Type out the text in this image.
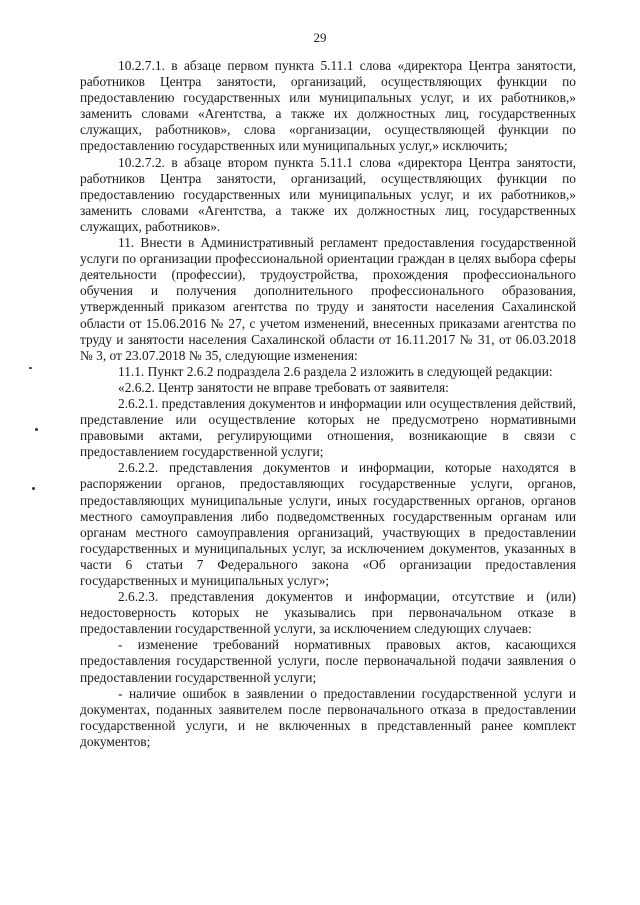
29

10.2.7.1. в абзаце первом пункта 5.11.1 слова «директора Центра занятости, работников Центра занятости, организаций, осуществляющих функции по предоставлению государственных или муниципальных услуг, и их работников,» заменить словами «Агентства, а также их должностных лиц, государственных служащих, работников», слова «организации, осуществляющей функции по предоставлению государственных или муниципальных услуг,» исключить;

10.2.7.2. в абзаце втором пункта 5.11.1 слова «директора Центра занятости, работников Центра занятости, организаций, осуществляющих функции по предоставлению государственных или муниципальных услуг, и их работников,» заменить словами «Агентства, а также их должностных лиц, государственных служащих, работников».

11. Внести в Административный регламент предоставления государственной услуги по организации профессиональной ориентации граждан в целях выбора сферы деятельности (профессии), трудоустройства, прохождения профессионального обучения и получения дополнительного профессионального образования, утвержденный приказом агентства по труду и занятости населения Сахалинской области от 15.06.2016 № 27, с учетом изменений, внесенных приказами агентства по труду и занятости населения Сахалинской области от 16.11.2017 № 31, от 06.03.2018 № 3, от 23.07.2018 № 35, следующие изменения:

11.1. Пункт 2.6.2 подраздела 2.6 раздела 2 изложить в следующей редакции:

«2.6.2. Центр занятости не вправе требовать от заявителя:

2.6.2.1. представления документов и информации или осуществления действий, представление или осуществление которых не предусмотрено нормативными правовыми актами, регулирующими отношения, возникающие в связи с предоставлением государственной услуги;

2.6.2.2. представления документов и информации, которые находятся в распоряжении органов, предоставляющих государственные услуги, органов, предоставляющих муниципальные услуги, иных государственных органов, органов местного самоуправления либо подведомственных государственным органам или органам местного самоуправления организаций, участвующих в предоставлении государственных и муниципальных услуг, за исключением документов, указанных в части 6 статьи 7 Федерального закона «Об организации предоставления государственных и муниципальных услуг»;

2.6.2.3. представления документов и информации, отсутствие и (или) недостоверность которых не указывались при первоначальном отказе в предоставлении государственной услуги, за исключением следующих случаев:

- изменение требований нормативных правовых актов, касающихся предоставления государственной услуги, после первоначальной подачи заявления о предоставлении государственной услуги;

- наличие ошибок в заявлении о предоставлении государственной услуги и документах, поданных заявителем после первоначального отказа в предоставлении государственной услуги, и не включенных в представленный ранее комплект документов;
